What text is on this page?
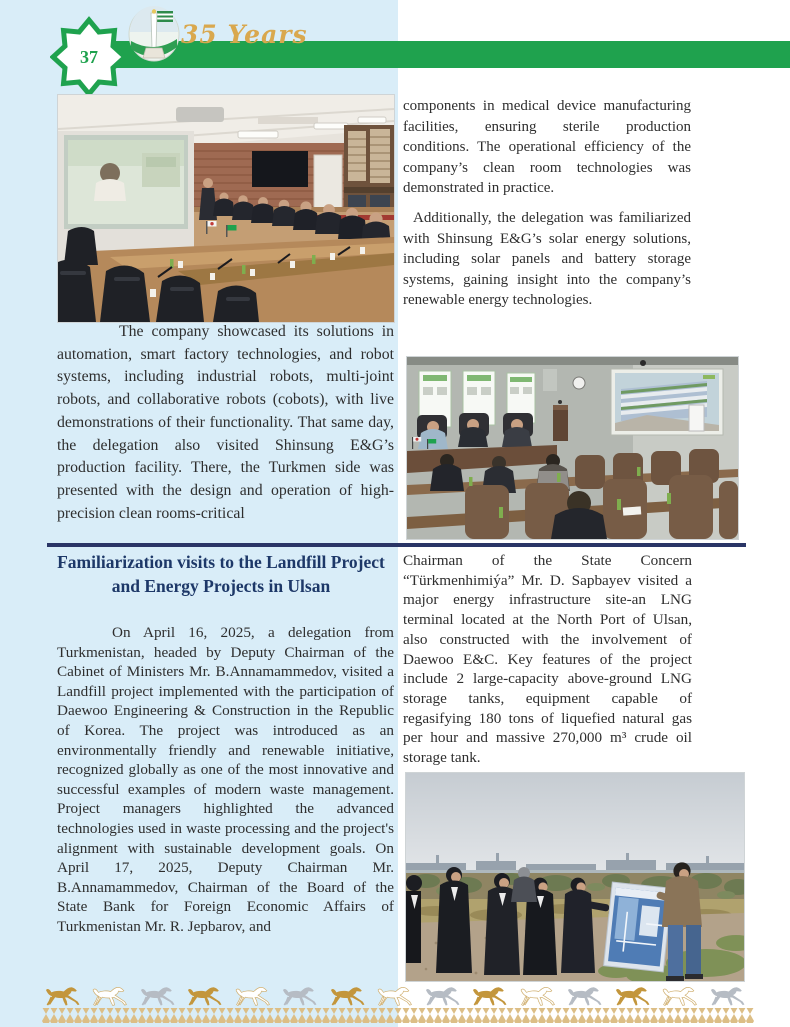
37
35 Years

components in medical device manufacturing facilities, ensuring sterile production conditions. The operational efficiency of the company’s clean room technologies was demonstrated in practice.

Additionally, the delegation was familiarized with Shinsung E&G’s solar energy solutions, including solar panels and battery storage systems, gaining insight into the company’s renewable energy technologies.

The company showcased its solutions in automation, smart factory technologies, and robot systems, including industrial robots, multi-joint robots, and collaborative robots (cobots), with live demonstrations of their functionality. That same day, the delegation also visited Shinsung E&G’s production facility. There, the Turkmen side was presented with the design and operation of high-precision clean rooms-critical

Familiarization visits to the Landfill Project and Energy Projects in Ulsan

On April 16, 2025, a delegation from Turkmenistan, headed by Deputy Chairman of the Cabinet of Ministers Mr. B.Annamammedov, visited a Landfill project implemented with the participation of Daewoo Engineering & Construction in the Republic of Korea. The project was introduced as an environmentally friendly and renewable initiative, recognized globally as one of the most innovative and successful examples of modern waste management. Project managers highlighted the advanced technologies used in waste processing and the project's alignment with sustainable development goals. On April 17, 2025, Deputy Chairman Mr. B.Annamammedov, Chairman of the Board of the State Bank for Foreign Economic Affairs of Turkmenistan Mr. R. Jepbarov, and

Chairman of the State Concern “Türkmenhimiýa” Mr. D. Sapbayev visited a major energy infrastructure site-an LNG terminal located at the North Port of Ulsan, also constructed with the involvement of Daewoo E&C. Key features of the project include 2 large-capacity above-ground LNG storage tanks, equipment capable of regasifying 180 tons of liquefied natural gas per hour and massive 270,000 m³ crude oil storage tank.
